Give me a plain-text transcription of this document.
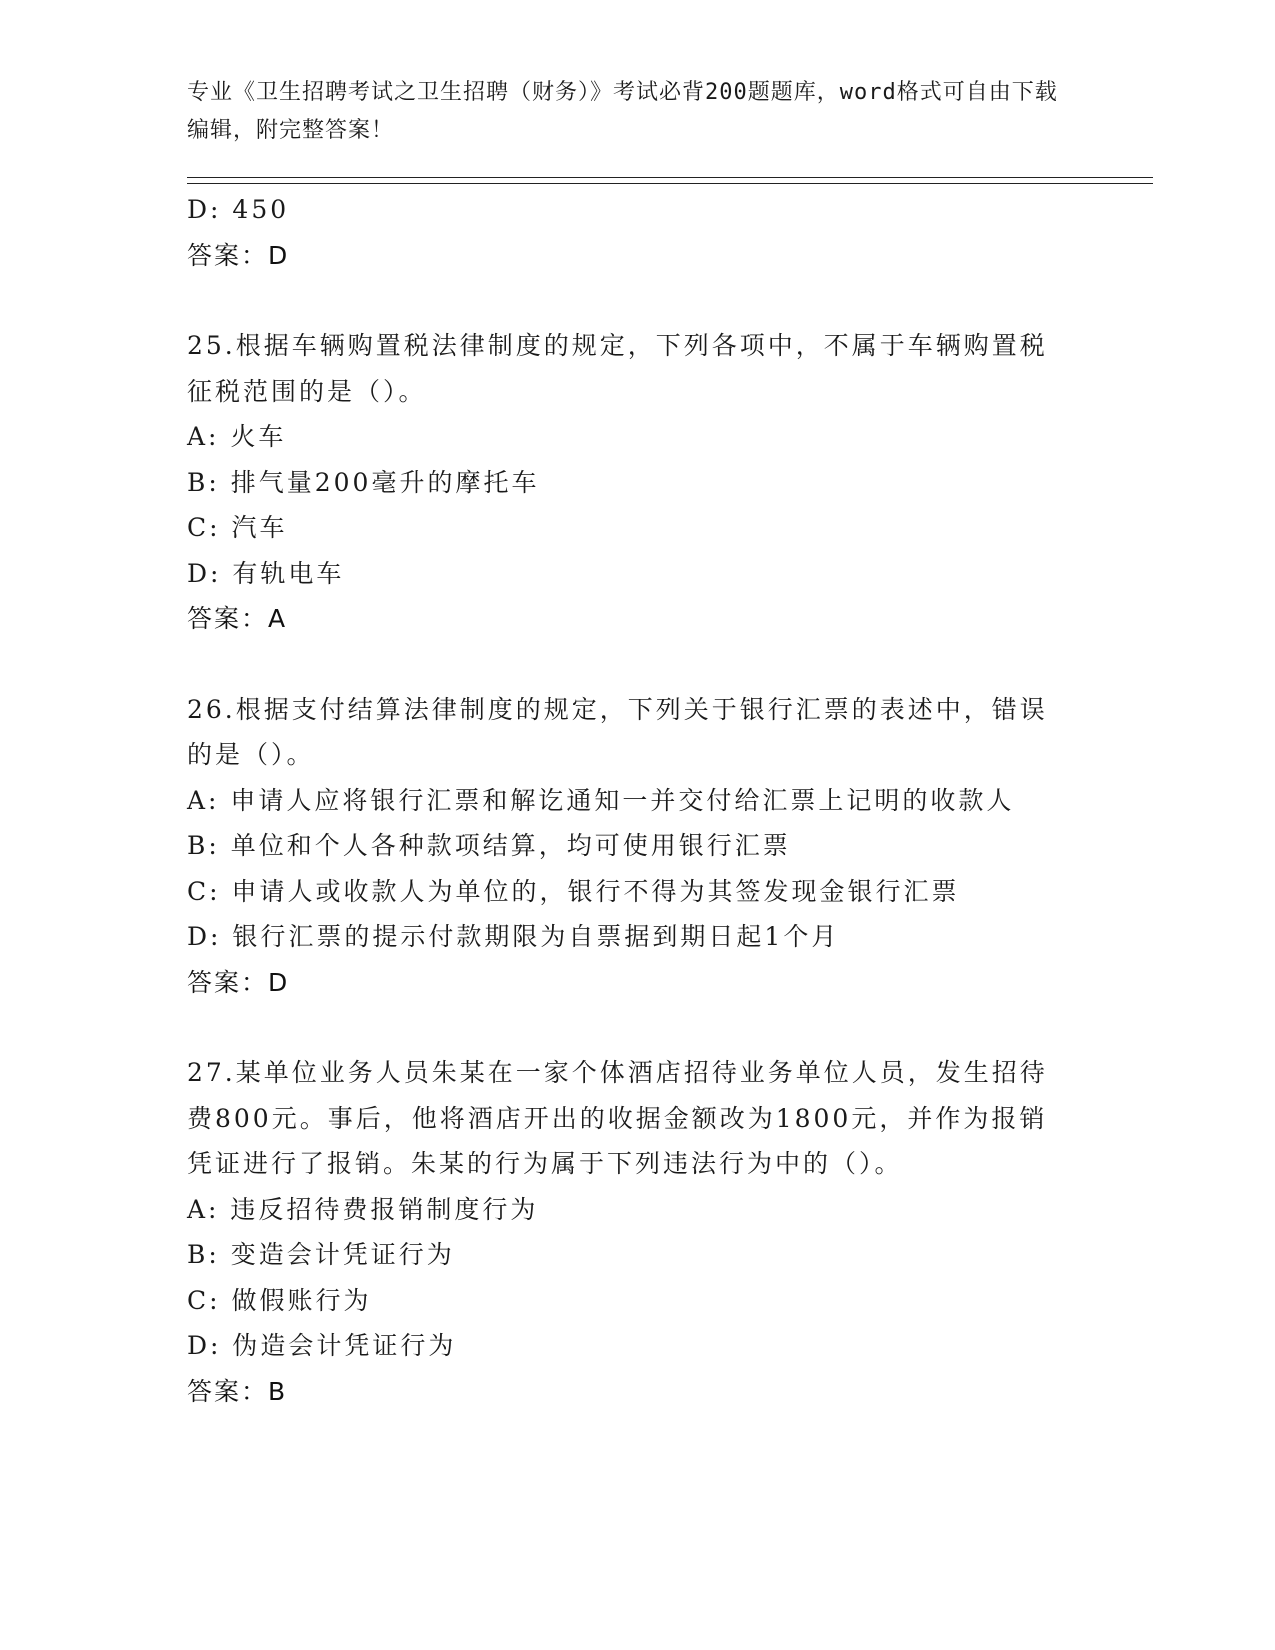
专业《卫生招聘考试之卫生招聘（财务）》考试必背200题题库，word格式可自由下载编辑，附完整答案！
D: 450
答案：D
25.根据车辆购置税法律制度的规定，下列各项中，不属于车辆购置税
征税范围的是（）。
A: 火车
B: 排气量200毫升的摩托车
C: 汽车
D: 有轨电车
答案：A
26.根据支付结算法律制度的规定，下列关于银行汇票的表述中，错误
的是（）。
A: 申请人应将银行汇票和解讫通知一并交付给汇票上记明的收款人
B: 单位和个人各种款项结算，均可使用银行汇票
C: 申请人或收款人为单位的，银行不得为其签发现金银行汇票
D: 银行汇票的提示付款期限为自票据到期日起1个月
答案：D
27.某单位业务人员朱某在一家个体酒店招待业务单位人员，发生招待
费800元。事后，他将酒店开出的收据金额改为1800元，并作为报销
凭证进行了报销。朱某的行为属于下列违法行为中的（）。
A: 违反招待费报销制度行为
B: 变造会计凭证行为
C: 做假账行为
D: 伪造会计凭证行为
答案：B
